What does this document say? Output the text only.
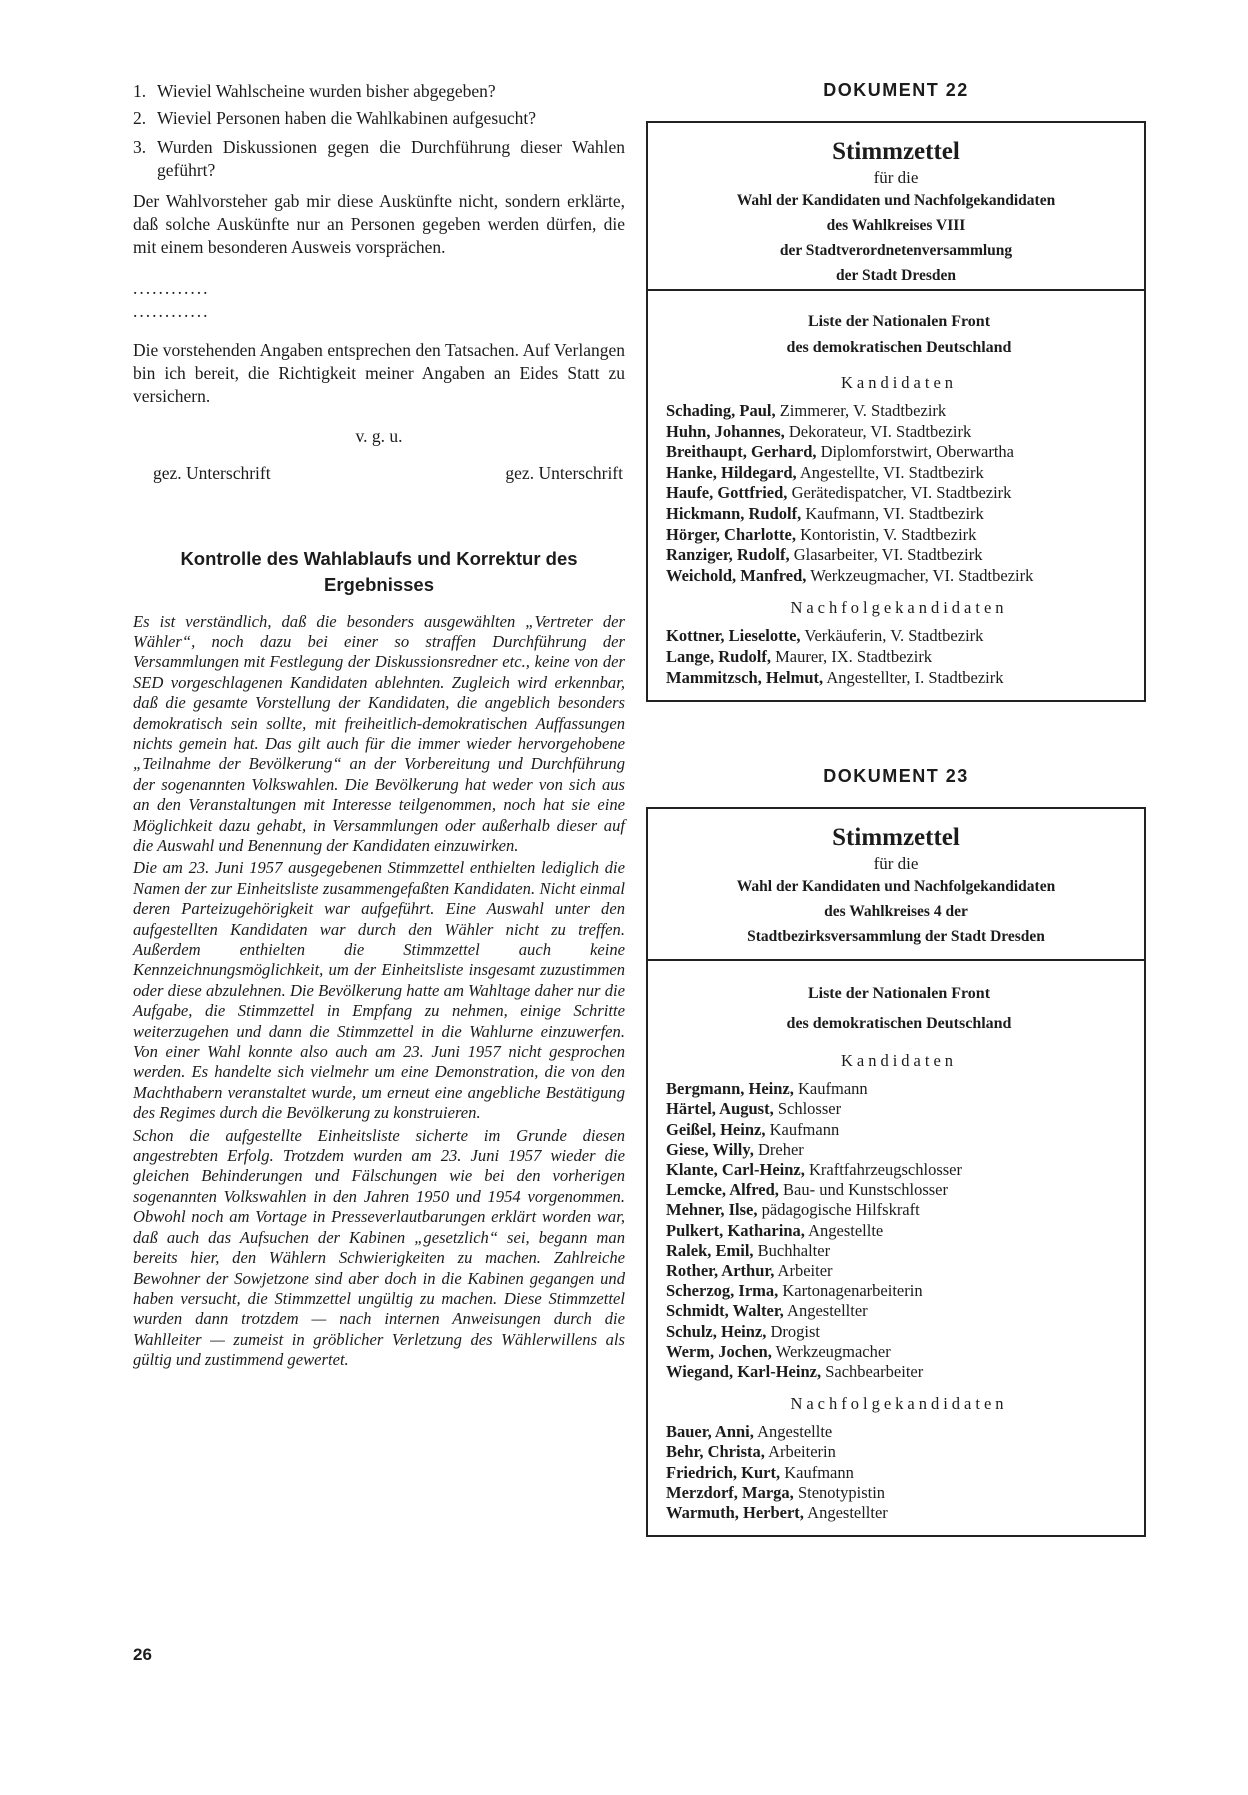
1. Wieviel Wahlscheine wurden bisher abgegeben?
2. Wieviel Personen haben die Wahlkabinen aufgesucht?
3. Wurden Diskussionen gegen die Durchführung dieser Wahlen geführt?

Der Wahlvorsteher gab mir diese Auskünfte nicht, sondern erklärte, daß solche Auskünfte nur an Personen gegeben werden dürfen, die mit einem besonderen Ausweis vorsprächen.

............
............

Die vorstehenden Angaben entsprechen den Tatsachen. Auf Verlangen bin ich bereit, die Richtigkeit meiner Angaben an Eides Statt zu versichern.

v. g. u.
gez. Unterschrift	gez. Unterschrift
Kontrolle des Wahlablaufs und Korrektur des Ergebnisses

Es ist verständlich, daß die besonders ausgewählten „Vertreter der Wähler“, noch dazu bei einer so straffen Durchführung der Versammlungen mit Festlegung der Diskussionsredner etc., keine von der SED vorgeschlagenen Kandidaten ablehnten. Zugleich wird erkennbar, daß die gesamte Vorstellung der Kandidaten, die angeblich besonders demokratisch sein sollte, mit freiheitlich-demokratischen Auffassungen nichts gemein hat. Das gilt auch für die immer wieder hervorgehobene „Teilnahme der Bevölkerung“ an der Vorbereitung und Durchführung der sogenannten Volkswahlen. Die Bevölkerung hat weder von sich aus an den Veranstaltungen mit Interesse teilgenommen, noch hat sie eine Möglichkeit dazu gehabt, in Versammlungen oder außerhalb dieser auf die Auswahl und Benennung der Kandidaten einzuwirken.

Die am 23. Juni 1957 ausgegebenen Stimmzettel enthielten lediglich die Namen der zur Einheitsliste zusammengefaßten Kandidaten. Nicht einmal deren Parteizugehörigkeit war aufgeführt. Eine Auswahl unter den aufgestellten Kandidaten war durch den Wähler nicht zu treffen. Außerdem enthielten die Stimmzettel auch keine Kennzeichnungsmöglichkeit, um der Einheitsliste insgesamt zuzustimmen oder diese abzulehnen. Die Bevölkerung hatte am Wahltage daher nur die Aufgabe, die Stimmzettel in Empfang zu nehmen, einige Schritte weiterzugehen und dann die Stimmzettel in die Wahlurne einzuwerfen. Von einer Wahl konnte also auch am 23. Juni 1957 nicht gesprochen werden. Es handelte sich vielmehr um eine Demonstration, die von den Machthabern veranstaltet wurde, um erneut eine angebliche Bestätigung des Regimes durch die Bevölkerung zu konstruieren.

Schon die aufgestellte Einheitsliste sicherte im Grunde diesen angestrebten Erfolg. Trotzdem wurden am 23. Juni 1957 wieder die gleichen Behinderungen und Fälschungen wie bei den vorherigen sogenannten Volkswahlen in den Jahren 1950 und 1954 vorgenommen. Obwohl noch am Vortage in Presseverlautbarungen erklärt worden war, daß auch das Aufsuchen der Kabinen „gesetzlich“ sei, begann man bereits hier, den Wählern Schwierigkeiten zu machen. Zahlreiche Bewohner der Sowjetzone sind aber doch in die Kabinen gegangen und haben versucht, die Stimmzettel ungültig zu machen. Diese Stimmzettel wurden dann trotzdem — nach internen Anweisungen durch die Wahlleiter — zumeist in gröblicher Verletzung des Wählerwillens als gültig und zustimmend gewertet.

26
DOKUMENT 22
Stimmzettel
für die
Wahl der Kandidaten und Nachfolgekandidaten
des Wahlkreises VIII
der Stadtverordnetenversammlung
der Stadt Dresden
Liste der Nationalen Front
des demokratischen Deutschland
Kandidaten
Schading, Paul, Zimmerer, V. Stadtbezirk
Huhn, Johannes, Dekorateur, VI. Stadtbezirk
Breithaupt, Gerhard, Diplomforstwirt, Oberwartha
Hanke, Hildegard, Angestellte, VI. Stadtbezirk
Haufe, Gottfried, Gerätedispatcher, VI. Stadtbezirk
Hickmann, Rudolf, Kaufmann, VI. Stadtbezirk
Hörger, Charlotte, Kontoristin, V. Stadtbezirk
Ranziger, Rudolf, Glasarbeiter, VI. Stadtbezirk
Weichold, Manfred, Werkzeugmacher, VI. Stadtbezirk
Nachfolgekandidaten
Kottner, Lieselotte, Verkäuferin, V. Stadtbezirk
Lange, Rudolf, Maurer, IX. Stadtbezirk
Mammitzsch, Helmut, Angestellter, I. Stadtbezirk
DOKUMENT 23
Stimmzettel
für die
Wahl der Kandidaten und Nachfolgekandidaten
des Wahlkreises 4 der
Stadtbezirksversammlung der Stadt Dresden
Liste der Nationalen Front
des demokratischen Deutschland
Kandidaten
Bergmann, Heinz, Kaufmann
Härtel, August, Schlosser
Geißel, Heinz, Kaufmann
Giese, Willy, Dreher
Klante, Carl-Heinz, Kraftfahrzeugschlosser
Lemcke, Alfred, Bau- und Kunstschlosser
Mehner, Ilse, pädagogische Hilfskraft
Pulkert, Katharina, Angestellte
Ralek, Emil, Buchhalter
Rother, Arthur, Arbeiter
Scherzog, Irma, Kartonagenarbeiterin
Schmidt, Walter, Angestellter
Schulz, Heinz, Drogist
Werm, Jochen, Werkzeugmacher
Wiegand, Karl-Heinz, Sachbearbeiter
Nachfolgekandidaten
Bauer, Anni, Angestellte
Behr, Christa, Arbeiterin
Friedrich, Kurt, Kaufmann
Merzdorf, Marga, Stenotypistin
Warmuth, Herbert, Angestellter
